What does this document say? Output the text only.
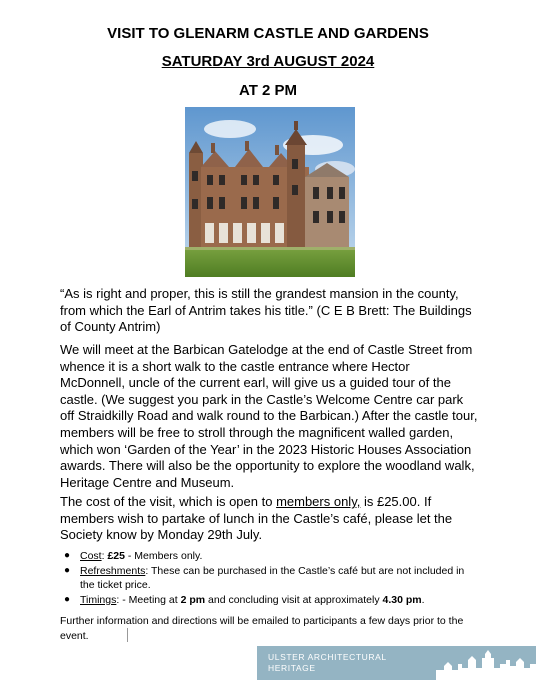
VISIT TO GLENARM CASTLE AND GARDENS
SATURDAY 3rd AUGUST 2024
AT 2 PM
“As is right and proper, this is still the grandest mansion in the county, from which the Earl of Antrim takes his title.” (C E B Brett: The Buildings of County Antrim)
We will meet at the Barbican Gatelodge at the end of Castle Street from whence it is a short walk to the castle entrance where Hector McDonnell, uncle of the current earl, will give us a guided tour of the castle. (We suggest you park in the Castle’s Welcome Centre car park off Straidkilly Road and walk round to the Barbican.) After the castle tour, members will be free to stroll through the magnificent walled garden, which won ‘Garden of the Year’ in the 2023 Historic Houses Association awards. There will also be the opportunity to explore the woodland walk, Heritage Centre and Museum.
The cost of the visit, which is open to members only, is £25.00. If members wish to partake of lunch in the Castle’s café, please let the Society know by Monday 29th July.
● Cost: £25 - Members only.
● Refreshments: These can be purchased in the Castle’s café but are not included in the ticket price.
● Timings: - Meeting at 2 pm and concluding visit at approximately 4.30 pm.
Further information and directions will be emailed to participants a few days prior to the event.
ULSTER ARCHITECTURAL
HERITAGE
